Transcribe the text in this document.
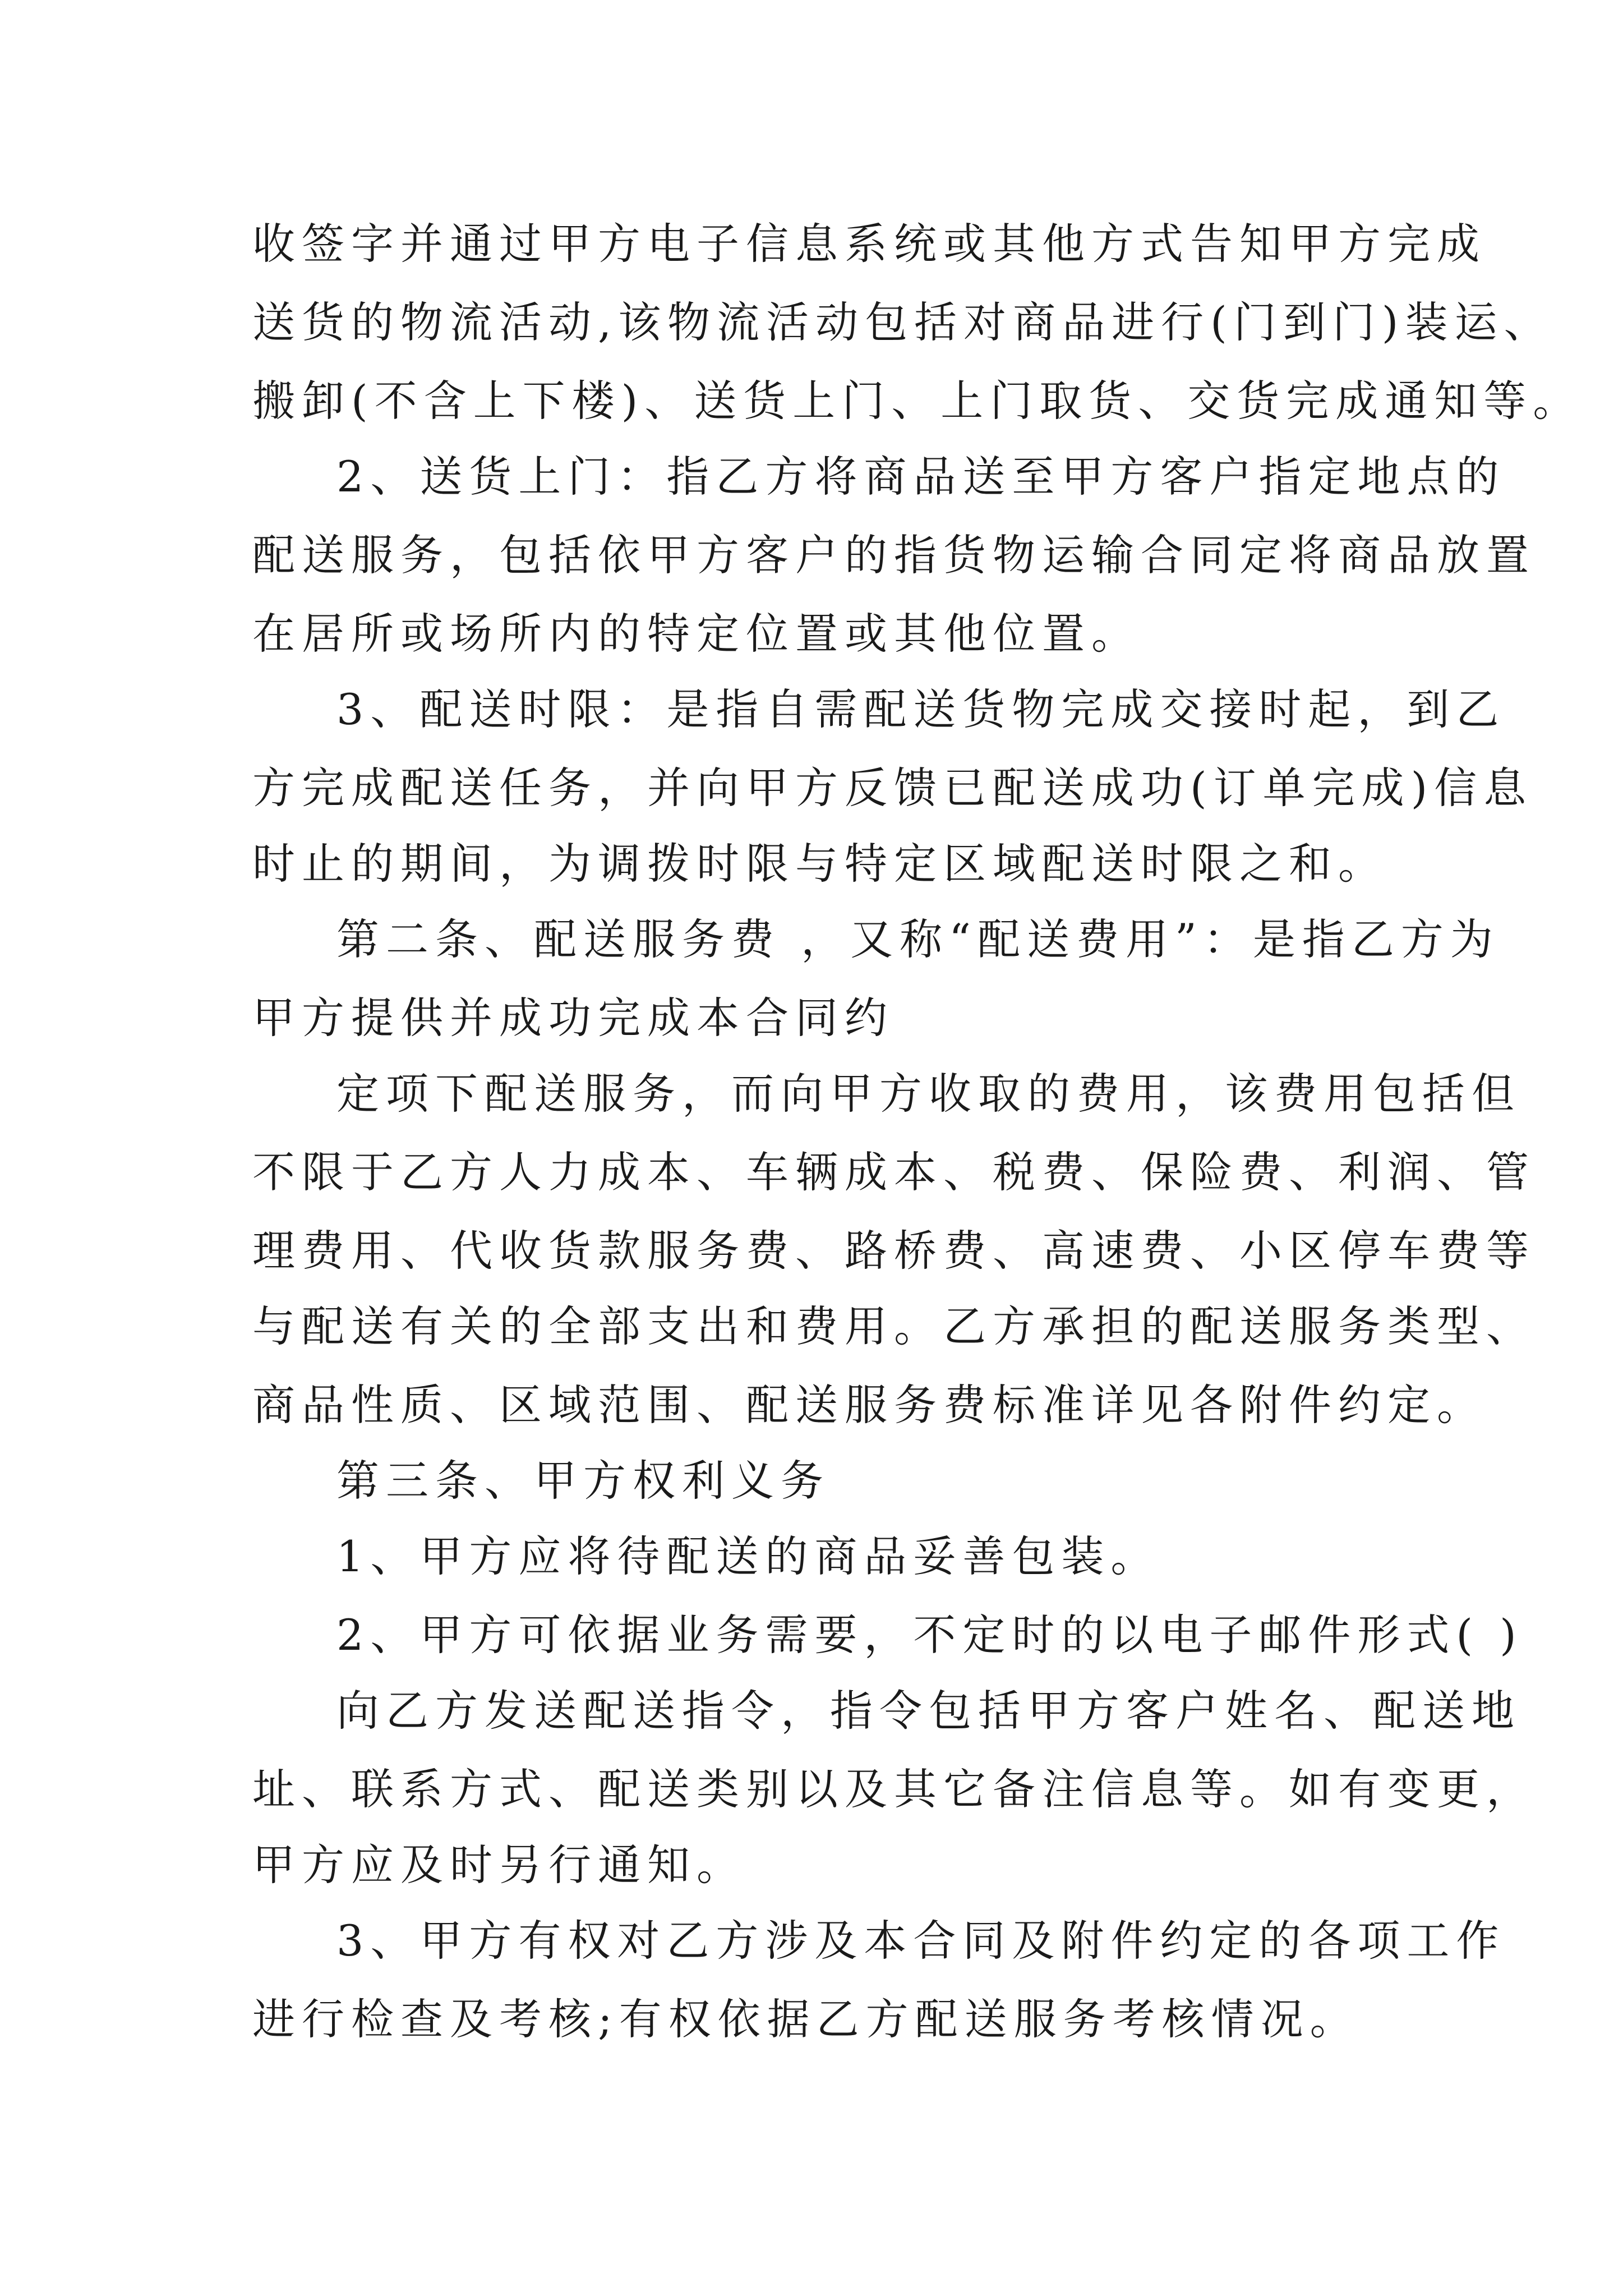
收签字并通过甲方电子信息系统或其他方式告知甲方完成
送货的物流活动,该物流活动包括对商品进行(门到门)装运、
搬卸(不含上下楼)、送货上门、上门取货、交货完成通知等。
2、送货上门：指乙方将商品送至甲方客户指定地点的
配送服务，包括依甲方客户的指货物运输合同定将商品放置
在居所或场所内的特定位置或其他位置。
3、配送时限：是指自需配送货物完成交接时起，到乙
方完成配送任务，并向甲方反馈已配送成功(订单完成)信息
时止的期间，为调拨时限与特定区域配送时限之和。
第二条、配送服务费 ，又称“配送费用”：是指乙方为
甲方提供并成功完成本合同约
定项下配送服务，而向甲方收取的费用，该费用包括但
不限于乙方人力成本、车辆成本、税费、保险费、利润、管
理费用、代收货款服务费、路桥费、高速费、小区停车费等
与配送有关的全部支出和费用。乙方承担的配送服务类型、
商品性质、区域范围、配送服务费标准详见各附件约定。
第三条、甲方权利义务
1、甲方应将待配送的商品妥善包装。
2、甲方可依据业务需要，不定时的以电子邮件形式( )
向乙方发送配送指令，指令包括甲方客户姓名、配送地
址、联系方式、配送类别以及其它备注信息等。如有变更，
甲方应及时另行通知。
3、甲方有权对乙方涉及本合同及附件约定的各项工作
进行检查及考核;有权依据乙方配送服务考核情况。
